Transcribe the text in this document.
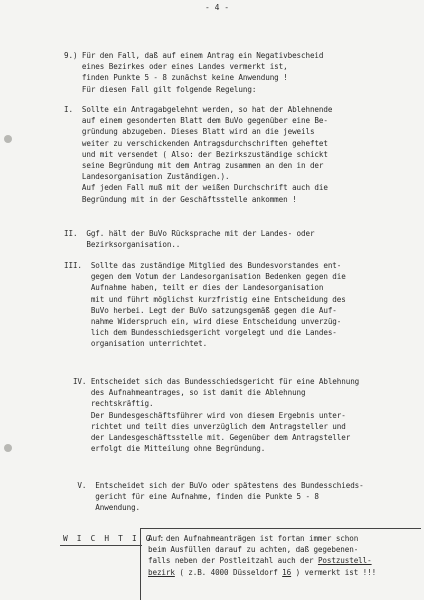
- 4 -
9.) Für den Fall, daß auf einem Antrag ein Negativbescheid
eines Bezirkes oder eines Landes vermerkt ist,
finden Punkte 5 - 8 zunächst keine Anwendung !
Für diesen Fall gilt folgende Regelung:
I.  Sollte ein Antragabgelehnt werden, so hat der Ablehnende
auf einem gesonderten Blatt dem BuVo gegenüber eine Be-
gründung abzugeben. Dieses Blatt wird an die jeweils
weiter zu verschickenden Antragsdurchschriften geheftet
und mit versendet ( Also: der Bezirkszuständige schickt
seine Begründung mit dem Antrag zusammen an den in der
Landesorganisation Zuständigen.).
Auf jeden Fall muß mit der weißen Durchschrift auch die
Begründung mit in der Geschäftsstelle ankommen !
II.  Ggf. hält der BuVo Rücksprache mit der Landes- oder
Bezirksorganisation..
III.  Sollte das zuständige Mitglied des Bundesvorstandes ent-
gegen dem Votum der Landesorganisation Bedenken gegen die
Aufnahme haben, teilt er dies der Landesorganisation
mit und führt möglichst kurzfristig eine Entscheidung des
BuVo herbei. Legt der BuVo satzungsgemäß gegen die Auf-
nahme Widerspruch ein, wird diese Entscheidung unverzüg-
lich dem Bundesschiedsgericht vorgelegt und die Landes-
organisation unterrichtet.
IV. Entscheidet sich das Bundesschiedsgericht für eine Ablehnung
des Aufnahmeantrages, so ist damit die Ablehnung
rechtskräftig.
Der Bundesgeschäftsführer wird von diesem Ergebnis unter-
richtet und teilt dies unverzüglich dem Antragsteller und
der Landesgeschäftsstelle mit. Gegenüber dem Antragsteller
erfolgt die Mitteilung ohne Begründung.
V.  Entscheidet sich der BuVo oder spätestens des Bundesschieds-
gericht für eine Aufnahme, finden die Punkte 5 - 8
Anwendung.
W I C H T I G :
Auf den Aufnahmeanträgen ist fortan immer schon
beim Ausfüllen darauf zu achten, daß gegebenen-
falls neben der Postleitzahl auch der Postzustell-
bezirk ( z.B. 4000 Düsseldorf 16 ) vermerkt ist !!!
